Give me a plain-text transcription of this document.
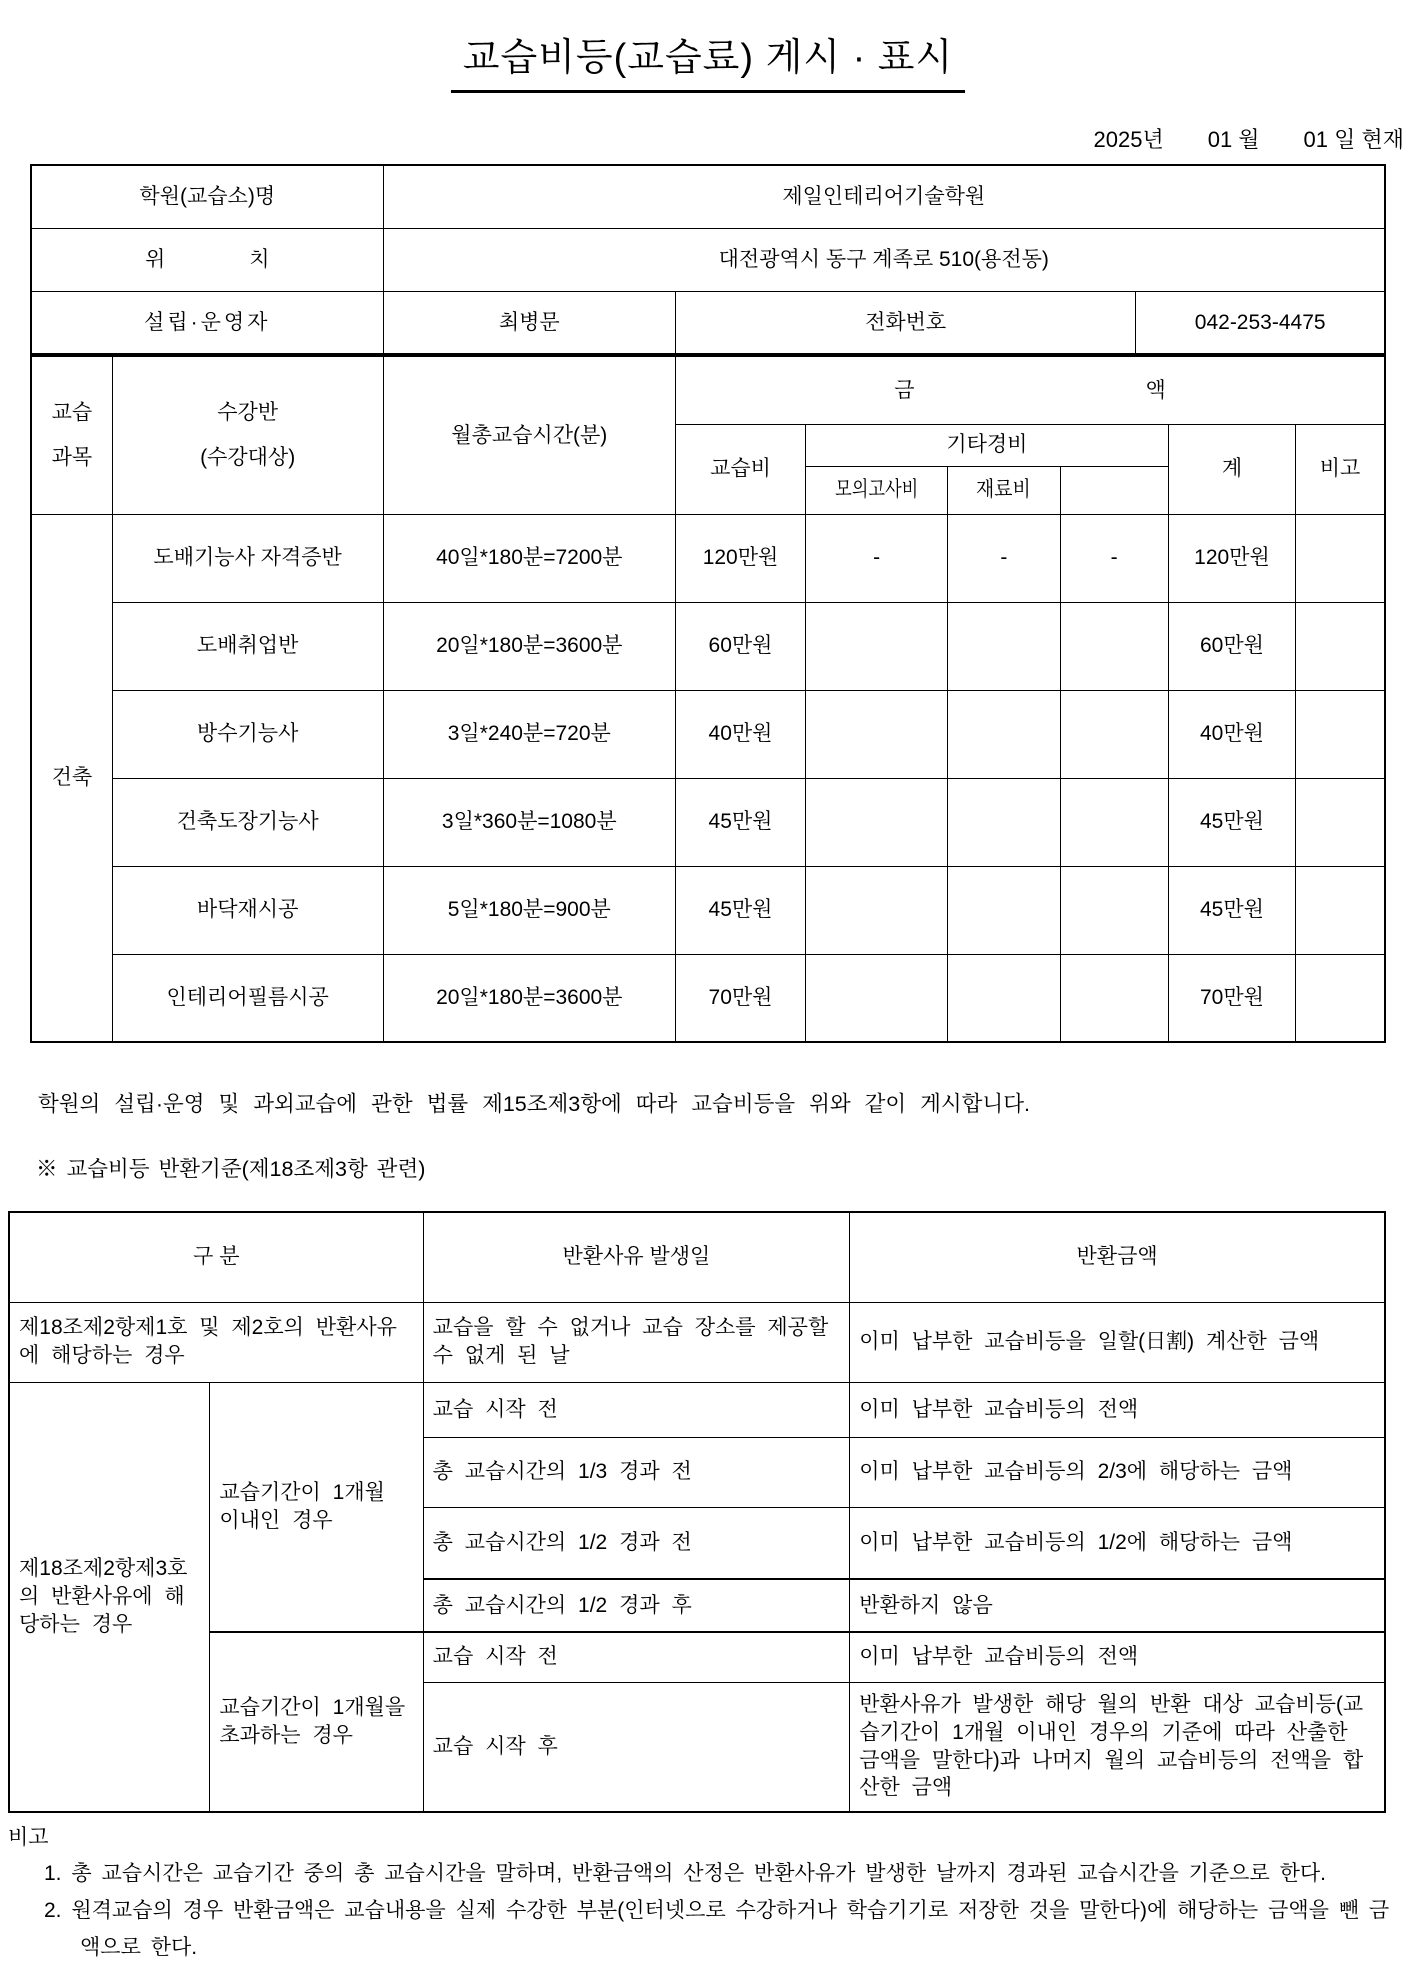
교습비등(교습료) 게시 · 표시
2025년　　01 월　　01 일 현재
학원(교습소)명	제일인테리어기술학원		
위　　　　치	대전광역시 동구 계족로 510(용전동)		
설립·운영자	최병문	전화번호	042-253-4475
교습
과목	수강반
(수강대상)	월총교습시간(분)	금　　　　　　　　　　　액					
			교습비	기타경비			계	비고
				모의고사비	재료비			
건축	도배기능사 자격증반	40일*180분=7200분	120만원	-	-	-	120만원	
	도배취업반	20일*180분=3600분	60만원				60만원	
	방수기능사	3일*240분=720분	40만원				40만원	
	건축도장기능사	3일*360분=1080분	45만원				45만원	
	바닥재시공	5일*180분=900분	45만원				45만원	
	인테리어필름시공	20일*180분=3600분	70만원				70만원	
학원의 설립·운영 및 과외교습에 관한 법률 제15조제3항에 따라 교습비등을 위와 같이 게시합니다.
※ 교습비등 반환기준(제18조제3항 관련)
구 분		반환사유 발생일	반환금액
제18조제2항제1호 및 제2호의 반환사유에 해당하는 경우		교습을 할 수 없거나 교습 장소를 제공할 수 없게 된 날	이미 납부한 교습비등을 일할(日割) 계산한 금액
제18조제2항제3호의 반환사유에 해당하는 경우	교습기간이 1개월 이내인 경우	교습 시작 전	이미 납부한 교습비등의 전액
		총 교습시간의 1/3 경과 전	이미 납부한 교습비등의 2/3에 해당하는 금액
		총 교습시간의 1/2 경과 전	이미 납부한 교습비등의 1/2에 해당하는 금액
		총 교습시간의 1/2 경과 후	반환하지 않음
	교습기간이 1개월을 초과하는 경우	교습 시작 전	이미 납부한 교습비등의 전액
		교습 시작 후	반환사유가 발생한 해당 월의 반환 대상 교습비등(교습기간이 1개월 이내인 경우의 기준에 따라 산출한 금액을 말한다)과 나머지 월의 교습비등의 전액을 합산한 금액
비고
1. 총 교습시간은 교습기간 중의 총 교습시간을 말하며, 반환금액의 산정은 반환사유가 발생한 날까지 경과된 교습시간을 기준으로 한다.
2. 원격교습의 경우 반환금액은 교습내용을 실제 수강한 부분(인터넷으로 수강하거나 학습기기로 저장한 것을 말한다)에 해당하는 금액을 뺀 금액으로 한다.
